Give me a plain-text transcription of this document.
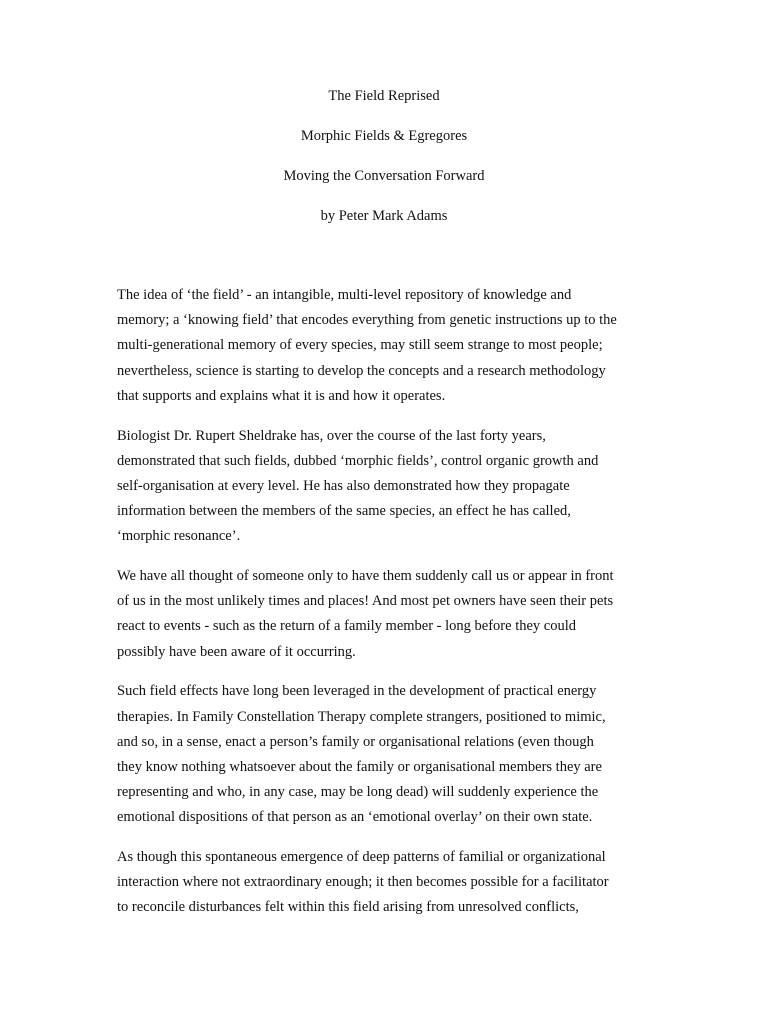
The Field Reprised
Morphic Fields & Egregores
Moving the Conversation Forward
by Peter Mark Adams

The idea of ‘the field’ - an intangible, multi-level repository of knowledge and
memory; a ‘knowing field’ that encodes everything from genetic instructions up to the
multi-generational memory of every species, may still seem strange to most people;
nevertheless, science is starting to develop the concepts and a research methodology
that supports and explains what it is and how it operates.

Biologist Dr. Rupert Sheldrake has, over the course of the last forty years,
demonstrated that such fields, dubbed ‘morphic fields’, control organic growth and
self-organisation at every level. He has also demonstrated how they propagate
information between the members of the same species, an effect he has called,
‘morphic resonance’.

We have all thought of someone only to have them suddenly call us or appear in front
of us in the most unlikely times and places! And most pet owners have seen their pets
react to events - such as the return of a family member - long before they could
possibly have been aware of it occurring.

Such field effects have long been leveraged in the development of practical energy
therapies. In Family Constellation Therapy complete strangers, positioned to mimic,
and so, in a sense, enact a person’s family or organisational relations (even though
they know nothing whatsoever about the family or organisational members they are
representing and who, in any case, may be long dead) will suddenly experience the
emotional dispositions of that person as an ‘emotional overlay’ on their own state.

As though this spontaneous emergence of deep patterns of familial or organizational
interaction where not extraordinary enough; it then becomes possible for a facilitator
to reconcile disturbances felt within this field arising from unresolved conflicts,
